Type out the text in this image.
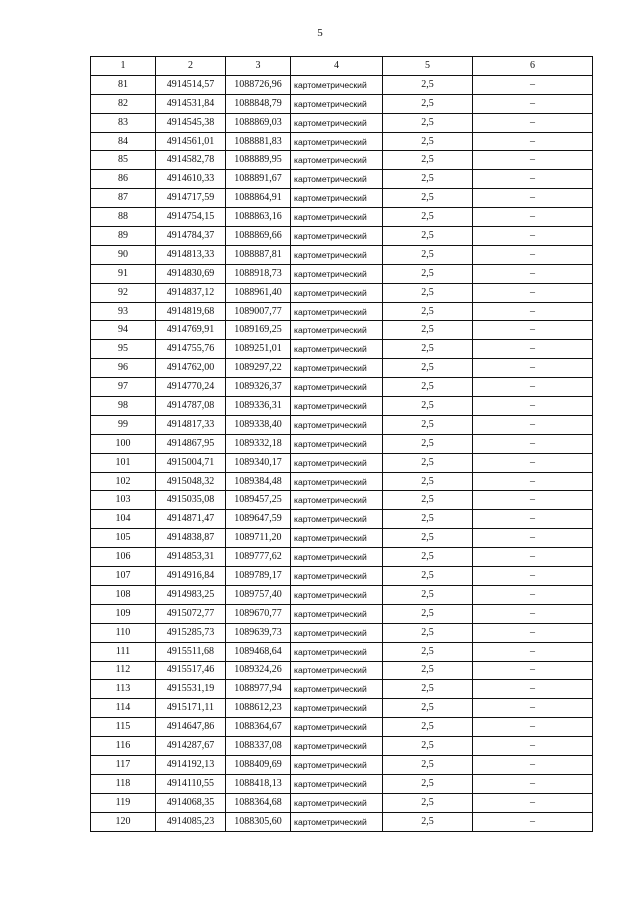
5
1	2	3	4	5	6
81	4914514,57	1088726,96	картометрический	2,5	–
82	4914531,84	1088848,79	картометрический	2,5	–
83	4914545,38	1088869,03	картометрический	2,5	–
84	4914561,01	1088881,83	картометрический	2,5	–
85	4914582,78	1088889,95	картометрический	2,5	–
86	4914610,33	1088891,67	картометрический	2,5	–
87	4914717,59	1088864,91	картометрический	2,5	–
88	4914754,15	1088863,16	картометрический	2,5	–
89	4914784,37	1088869,66	картометрический	2,5	–
90	4914813,33	1088887,81	картометрический	2,5	–
91	4914830,69	1088918,73	картометрический	2,5	–
92	4914837,12	1088961,40	картометрический	2,5	–
93	4914819,68	1089007,77	картометрический	2,5	–
94	4914769,91	1089169,25	картометрический	2,5	–
95	4914755,76	1089251,01	картометрический	2,5	–
96	4914762,00	1089297,22	картометрический	2,5	–
97	4914770,24	1089326,37	картометрический	2,5	–
98	4914787,08	1089336,31	картометрический	2,5	–
99	4914817,33	1089338,40	картометрический	2,5	–
100	4914867,95	1089332,18	картометрический	2,5	–
101	4915004,71	1089340,17	картометрический	2,5	–
102	4915048,32	1089384,48	картометрический	2,5	–
103	4915035,08	1089457,25	картометрический	2,5	–
104	4914871,47	1089647,59	картометрический	2,5	–
105	4914838,87	1089711,20	картометрический	2,5	–
106	4914853,31	1089777,62	картометрический	2,5	–
107	4914916,84	1089789,17	картометрический	2,5	–
108	4914983,25	1089757,40	картометрический	2,5	–
109	4915072,77	1089670,77	картометрический	2,5	–
110	4915285,73	1089639,73	картометрический	2,5	–
111	4915511,68	1089468,64	картометрический	2,5	–
112	4915517,46	1089324,26	картометрический	2,5	–
113	4915531,19	1088977,94	картометрический	2,5	–
114	4915171,11	1088612,23	картометрический	2,5	–
115	4914647,86	1088364,67	картометрический	2,5	–
116	4914287,67	1088337,08	картометрический	2,5	–
117	4914192,13	1088409,69	картометрический	2,5	–
118	4914110,55	1088418,13	картометрический	2,5	–
119	4914068,35	1088364,68	картометрический	2,5	–
120	4914085,23	1088305,60	картометрический	2,5	–
